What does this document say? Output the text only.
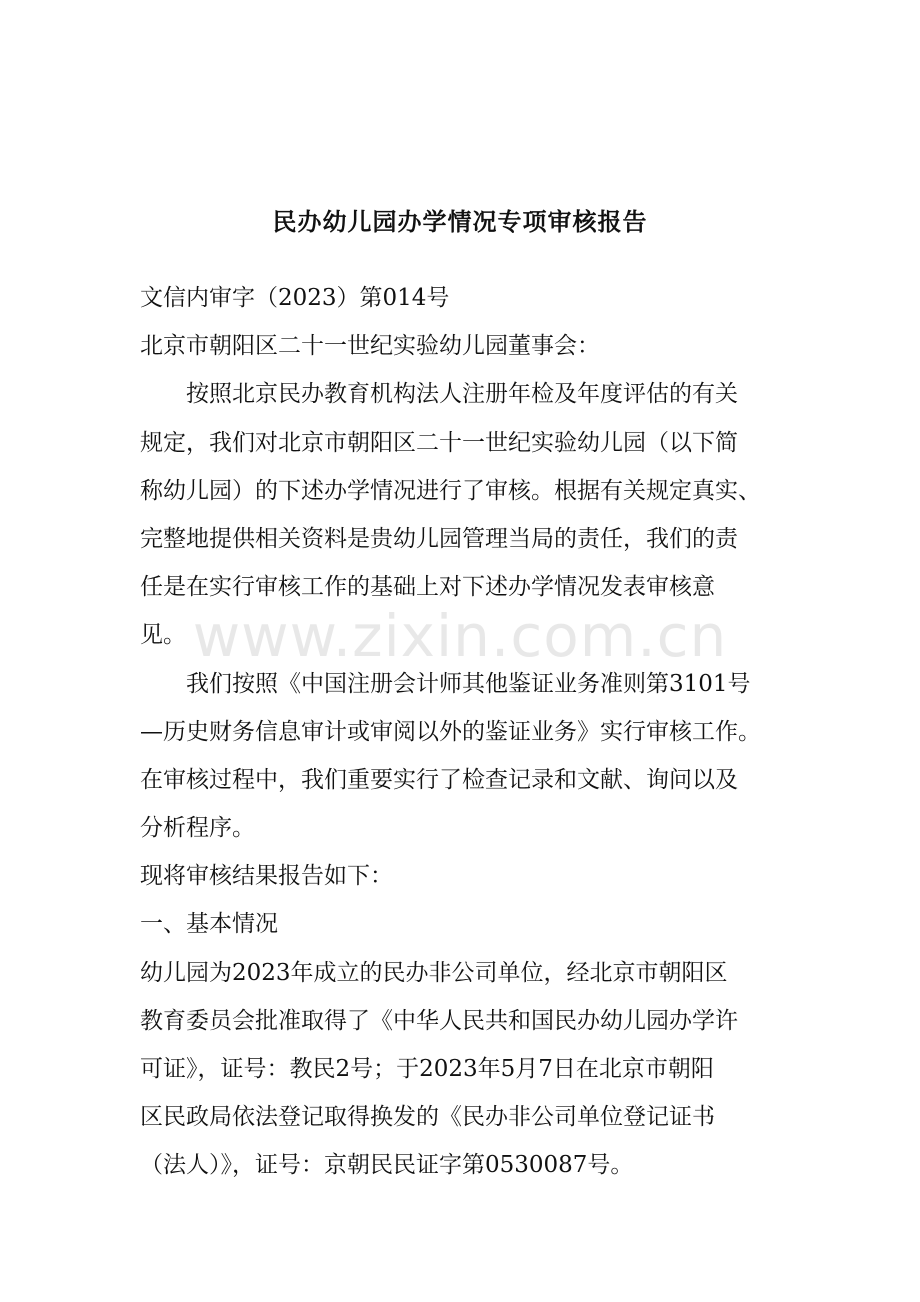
民办幼儿园办学情况专项审核报告
文信内审字（2023）第014号
北京市朝阳区二十一世纪实验幼儿园董事会：
按照北京民办教育机构法人注册年检及年度评估的有关
规定，我们对北京市朝阳区二十一世纪实验幼儿园（以下简
称幼儿园）的下述办学情况进行了审核。根据有关规定真实、
完整地提供相关资料是贵幼儿园管理当局的责任，我们的责
任是在实行审核工作的基础上对下述办学情况发表审核意
见。
我们按照《中国注册会计师其他鉴证业务准则第3101号
—历史财务信息审计或审阅以外的鉴证业务》实行审核工作。
在审核过程中，我们重要实行了检查记录和文献、询问以及
分析程序。
现将审核结果报告如下：
一、基本情况
幼儿园为2023年成立的民办非公司单位，经北京市朝阳区
教育委员会批准取得了《中华人民共和国民办幼儿园办学许
可证》，证号：教民2号；于2023年5月7日在北京市朝阳
区民政局依法登记取得换发的《民办非公司单位登记证书
（法人）》，证号：京朝民民证字第0530087号。
www.zixin.com.cn
